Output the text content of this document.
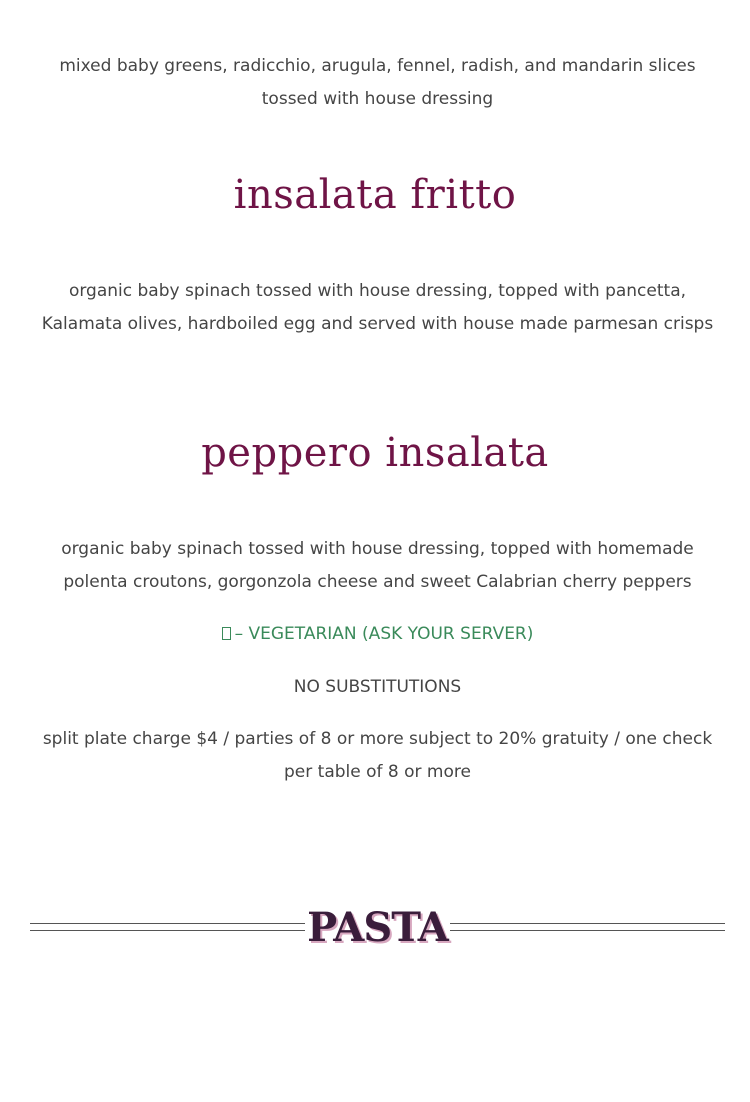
mixed baby greens, radicchio, arugula, fennel, radish, and mandarin slices tossed with house dressing

insalata fritto

organic baby spinach tossed with house dressing, topped with pancetta, Kalamata olives, hardboiled egg and served with house made parmesan crisps

peppero insalata

organic baby spinach tossed with house dressing, topped with homemade polenta croutons, gorgonzola cheese and sweet Calabrian cherry peppers

– VEGETARIAN (ASK YOUR SERVER)

NO SUBSTITUTIONS

split plate charge $4 / parties of 8 or more subject to 20% gratuity / one check per table of 8 or more

PASTA
